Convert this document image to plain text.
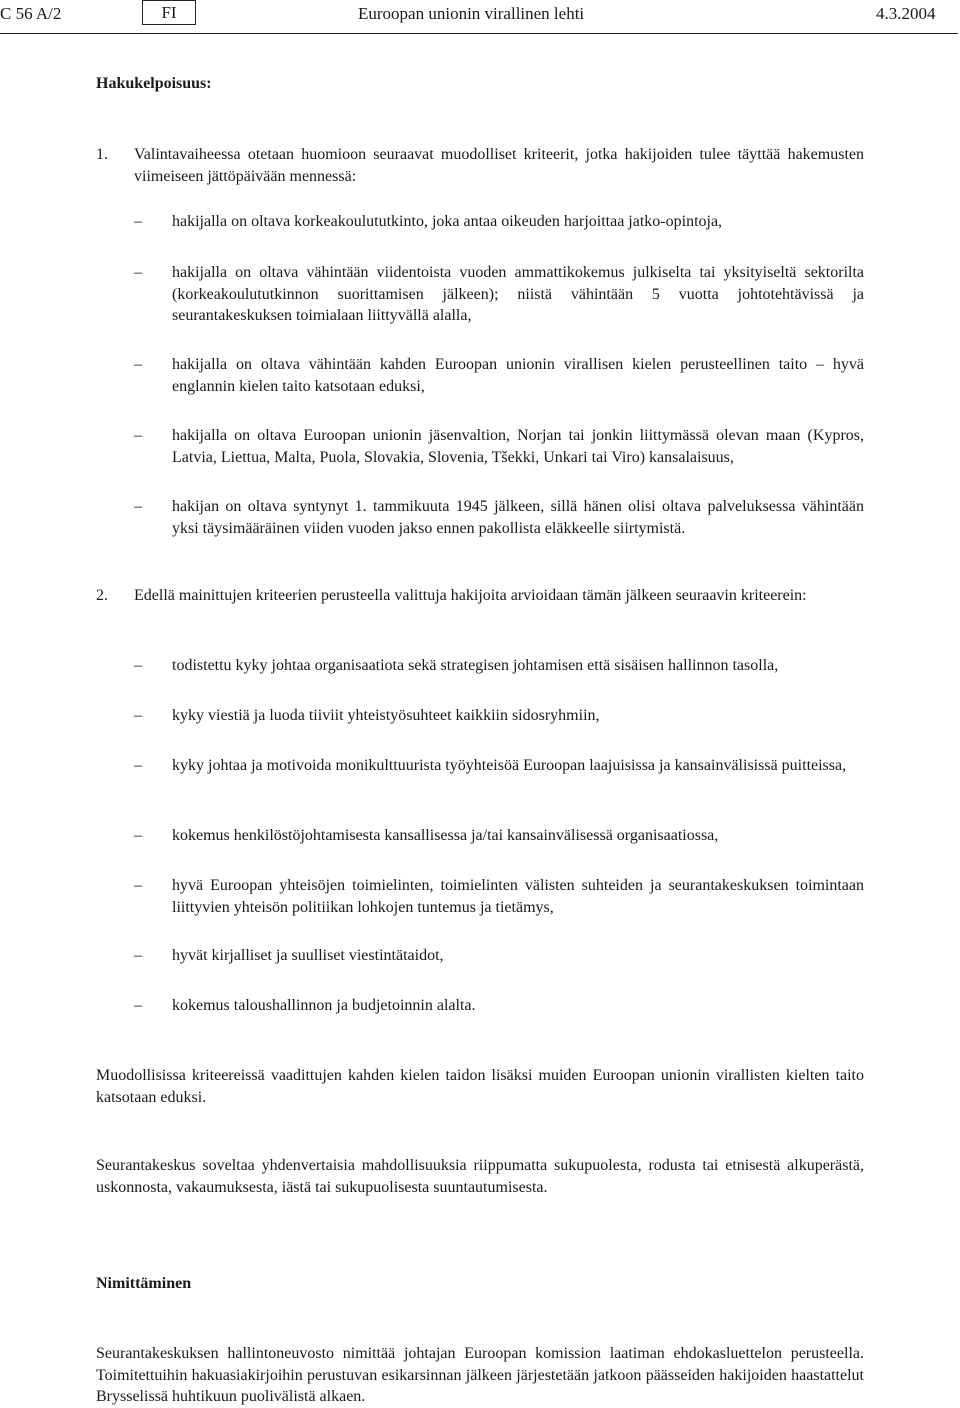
C 56 A/2	FI	Euroopan unionin virallinen lehti	4.3.2004
Hakukelpoisuus:
1. Valintavaiheessa otetaan huomioon seuraavat muodolliset kriteerit, jotka hakijoiden tulee täyttää hakemusten viimeiseen jättöpäivään mennessä:
– hakijalla on oltava korkeakoulututkinto, joka antaa oikeuden harjoittaa jatko-opintoja,
– hakijalla on oltava vähintään viidentoista vuoden ammattikokemus julkiselta tai yksityiseltä sektorilta (korkeakoulututkinnon suorittamisen jälkeen); niistä vähintään 5 vuotta johtotehtävissä ja seurantakeskuksen toimialaan liittyvällä alalla,
– hakijalla on oltava vähintään kahden Euroopan unionin virallisen kielen perusteellinen taito – hyvä englannin kielen taito katsotaan eduksi,
– hakijalla on oltava Euroopan unionin jäsenvaltion, Norjan tai jonkin liittymässä olevan maan (Kypros, Latvia, Liettua, Malta, Puola, Slovakia, Slovenia, Tšekki, Unkari tai Viro) kansalaisuus,
– hakijan on oltava syntynyt 1. tammikuuta 1945 jälkeen, sillä hänen olisi oltava palveluksessa vähintään yksi täysimääräinen viiden vuoden jakso ennen pakollista eläkkeelle siirtymistä.
2. Edellä mainittujen kriteerien perusteella valittuja hakijoita arvioidaan tämän jälkeen seuraavin kriteerein:
– todistettu kyky johtaa organisaatiota sekä strategisen johtamisen että sisäisen hallinnon tasolla,
– kyky viestiä ja luoda tiiviit yhteistyösuhteet kaikkiin sidosryhmiin,
– kyky johtaa ja motivoida monikulttuurista työyhteisöä Euroopan laajuisissa ja kansainvälisissä puitteissa,
– kokemus henkilöstöjohtamisesta kansallisessa ja/tai kansainvälisessä organisaatiossa,
– hyvä Euroopan yhteisöjen toimielinten, toimielinten välisten suhteiden ja seurantakeskuksen toimintaan liittyvien yhteisön politiikan lohkojen tuntemus ja tietämys,
– hyvät kirjalliset ja suulliset viestintätaidot,
– kokemus taloushallinnon ja budjetoinnin alalta.
Muodollisissa kriteereissä vaadittujen kahden kielen taidon lisäksi muiden Euroopan unionin virallisten kielten taito katsotaan eduksi.
Seurantakeskus soveltaa yhdenvertaisia mahdollisuuksia riippumatta sukupuolesta, rodusta tai etnisestä alkuperästä, uskonnosta, vakaumuksesta, iästä tai sukupuolisesta suuntautumisesta.
Nimittäminen
Seurantakeskuksen hallintoneuvosto nimittää johtajan Euroopan komission laatiman ehdokasluettelon perusteella. Toimitettuihin hakuasiakirjoihin perustuvan esikarsinnan jälkeen järjestetään jatkoon päässeiden hakijoiden haastattelut Brysselissä huhtikuun puolivälistä alkaen.
